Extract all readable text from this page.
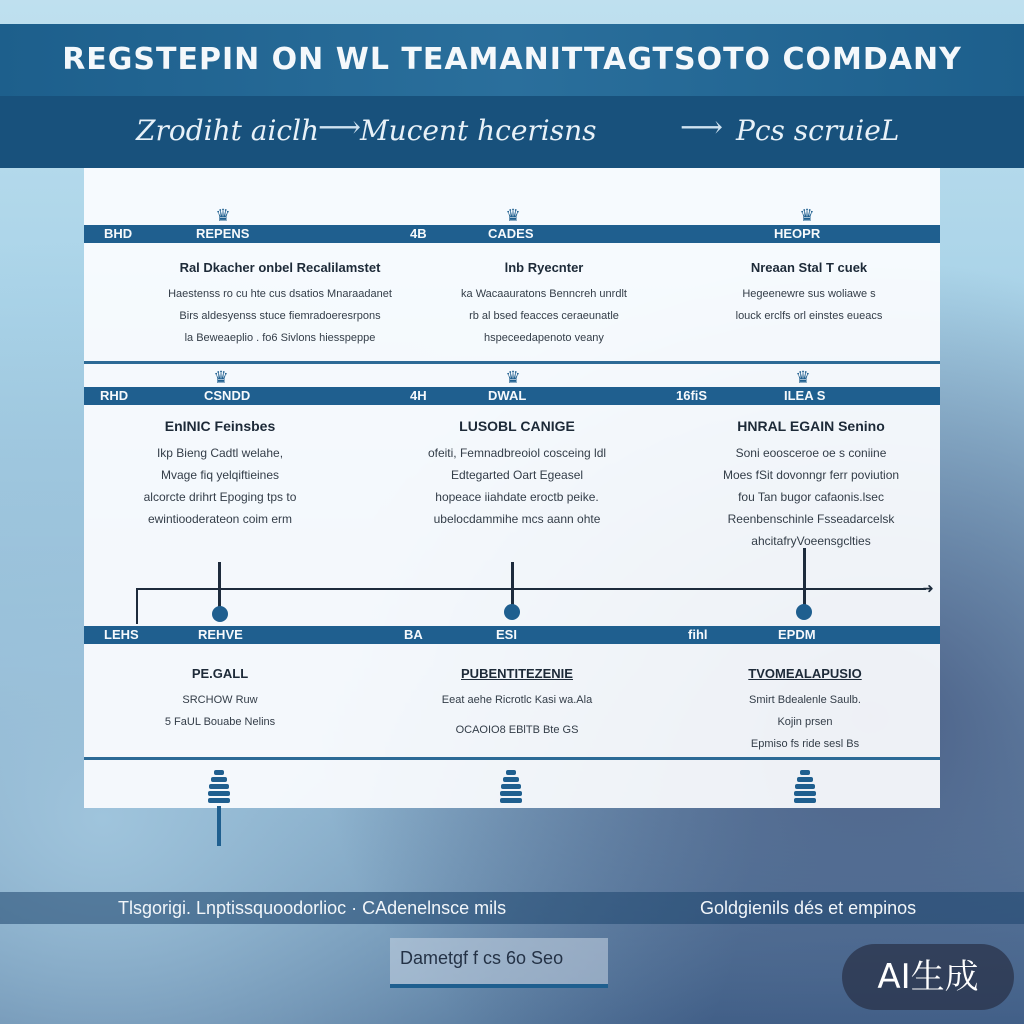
REGSTEPIN ON WL TEAMANITTAGTSOTO COMDANY
Zrodiht aiclh
⟶
Mucent hcerisns	⟶ Pcs scruieL
♛	♛	♛
BHD	REPENS	4B	CADES	HEOPR
Ral Dkacher onbel Recalilamstet
Haestenss ro cu hte cus dsatios Mnaraadanet
Birs aldesyenss stuce fiemradoeresrpons
la Beweaeplio . fo6 Sivlons hiesspeppe
lnb Ryecnter
ka Wacaauratons Benncreh unrdlt
rb al bsed feacces ceraeunatle
hspeceedapenoto veany
Nreaan Stal T cuek
Hegeenewre sus woliawe s
louck erclfs orl einstes eueacs
♛	♛	♛
RHD	CSNDD	4H	DWAL	16fiS	ILEA S
EnINIC Feinsbes
Ikp Bieng Cadtl welahe,
Mvage fiq yelqiftieines
alcorcte drihrt Epoging tps to
ewintiooderateon coim erm
LUSOBL CANIGE
ofeiti, Femnadbreoiol cosceing ldl
Edtegarted Oart Egeasel
hopeace iiahdate eroctb peike.
ubelocdammihe mcs aann ohte
HNRAL EGAIN Senino
Soni eoosceroe oe s coniine
Moes fSit dovonngr ferr poviution
fou Tan bugor cafaonis.lsec
Reenbenschinle Fsseadarcelsk
ahcitafryVoeensgclties
➜
LEHS	REHVE	BA	ESI	fihl	EPDM
PE.GALL
SRCHOW Ruw
5 FaUL Bouabe Nelins
PUBENTITEZENIE
Eeat aehe Ricrotlc Kasi wa.Ala
OCAOIO8 EBlTB Bte GS
TVOMEALAPUSIO
Smirt Bdealenle Saulb.
Kojin prsen
Epmiso fs ride sesl Bs
Tlsgorigi. Lnptissquoodorlioc · CAdenelnsce mils	Goldgienils dés et empinos
Dametgf f cs 6o Seo	AI生成
